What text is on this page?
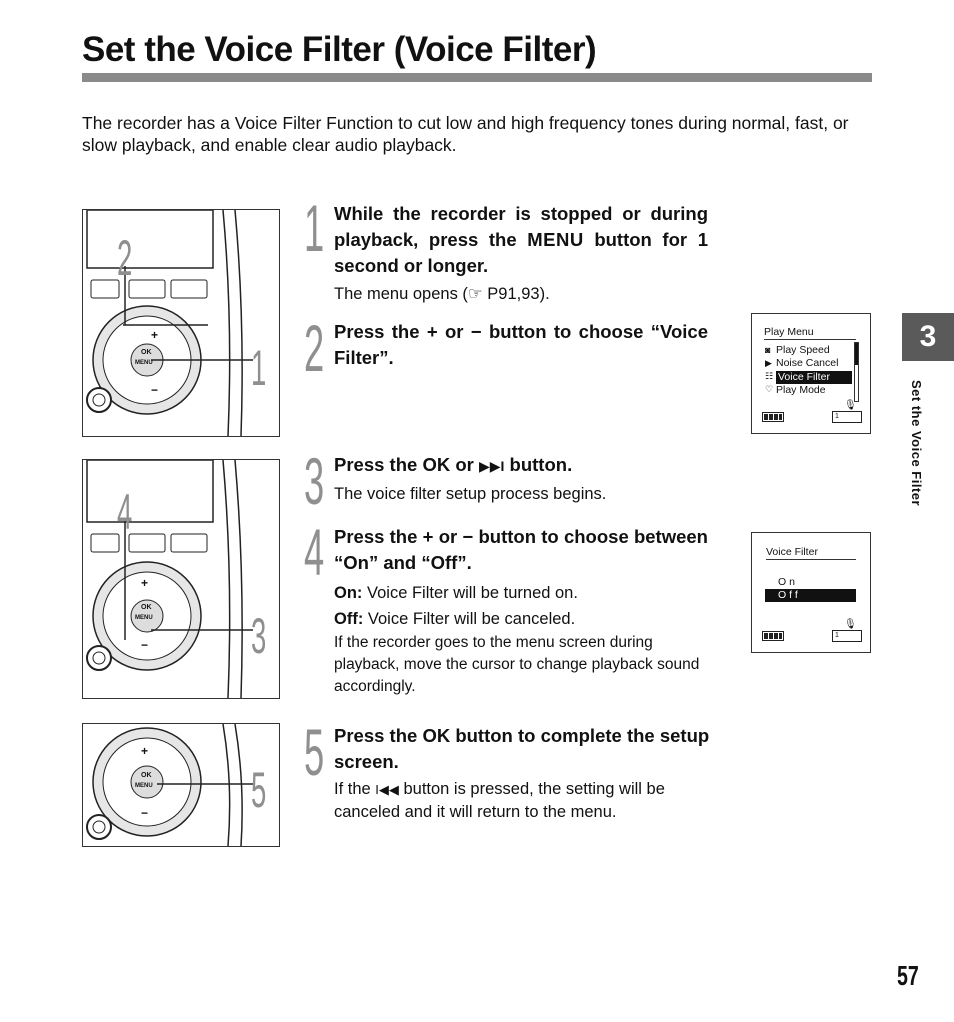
Set the Voice Filter (Voice Filter)
The recorder has a Voice Filter Function to cut low and high frequency tones during normal, fast, or slow playback, and enable clear audio playback.
+
−
OK
MENU
2
1
+
−
OK
MENU
4
3
+
−
OK
MENU 5
1 While the recorder is stopped or during playback, press the MENU button for 1 second or longer.
The menu opens (☞ P91,93).
2 Press the + or − button to choose “Voice Filter”.
Play Menu
◙
▶
☷
♡
Play Speed
Noise Cancel
Voice Filter
Play Mode
🎙︎
1
3 Press the OK or ▶▶I button.
The voice filter setup process begins.
4 Press the + or − button to choose between “On” and “Off”.
On: Voice Filter will be turned on.
Off: Voice Filter will be canceled.
If the recorder goes to the menu screen during playback, move the cursor to change playback sound accordingly.
Voice Filter
O n
O f f
🎙︎
1
5 Press the OK button to complete the setup screen.
If the I◀◀ button is pressed, the setting will be canceled and it will return to the menu.
3
Set the Voice Filter
57
